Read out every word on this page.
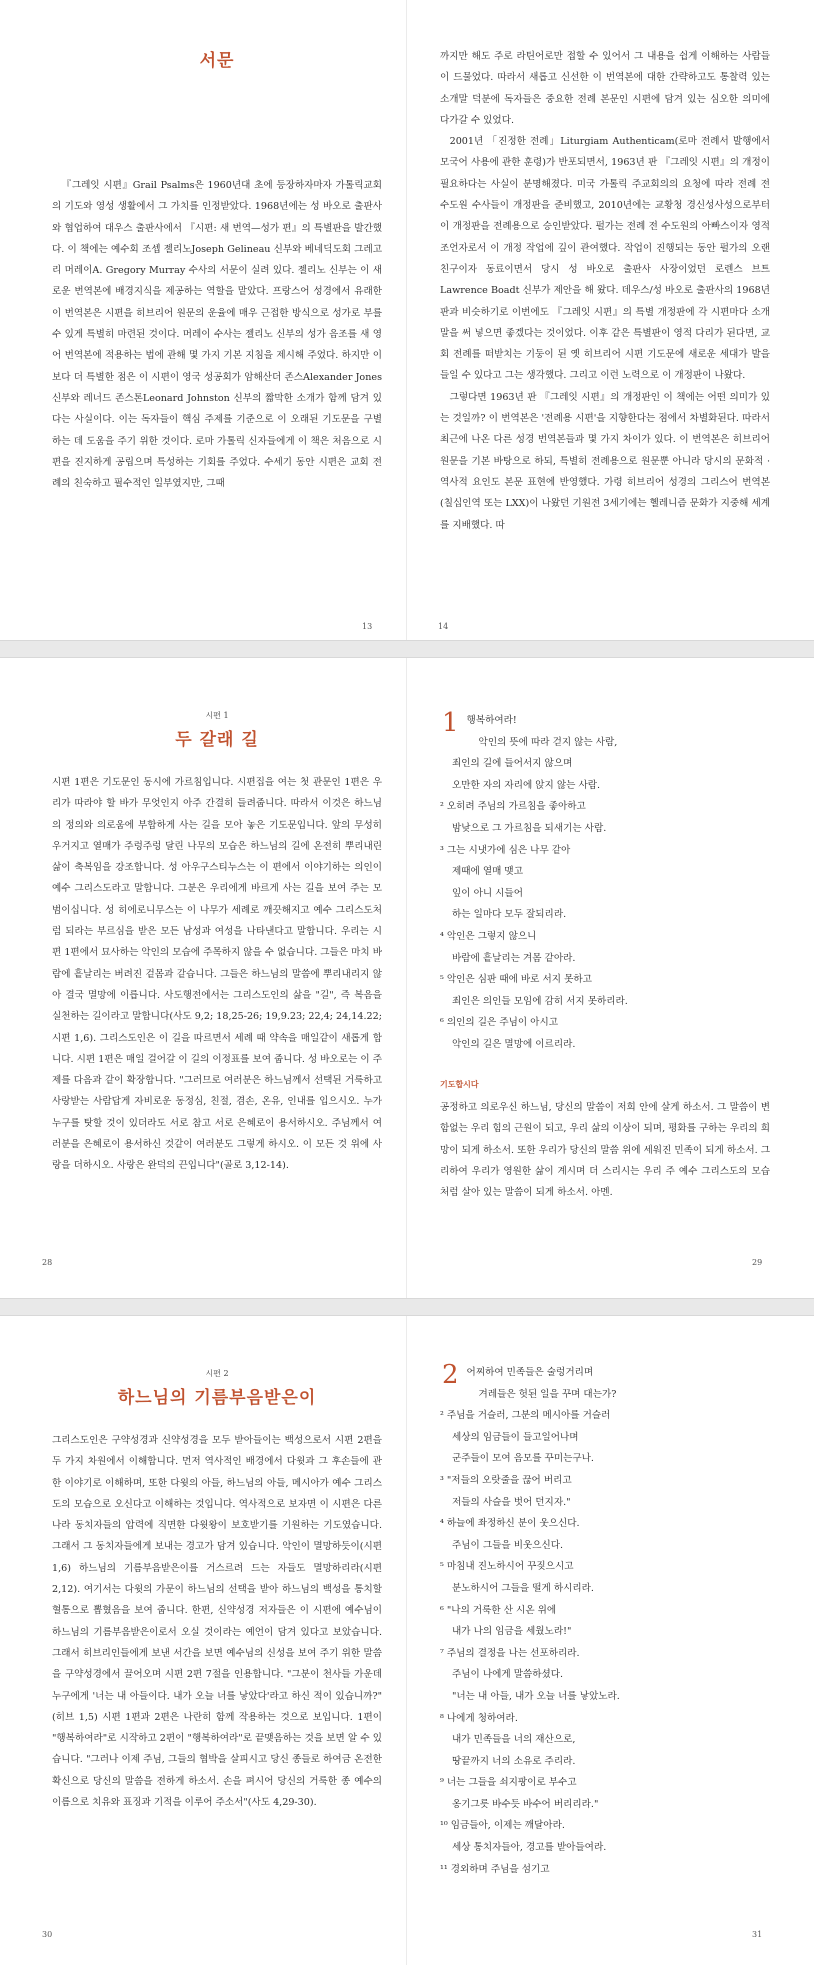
서문

『그레잇 시편』Grail Psalms은 1960년대 초에 등장하자마자 가톨릭교회의 기도와 영성 생활에서 그 가치를 인정받았다. 1968년에는 성 바오로 출판사와 협업하여 대우스 출판사에서 『시편: 새 번역—성가 편』의 특별판을 발간했다. 이 책에는 예수회 조셉 젤리노Joseph Gelineau 신부와 베네딕도회 그레고리 머레이A. Gregory Murray 수사의 서문이 실려 있다. 젤리노 신부는 이 새로운 번역본에 배경지식을 제공하는 역할을 맡았다. 프랑스어 성경에서 유래한 이 번역본은 시편을 히브리어 원문의 운율에 매우 근접한 방식으로 성가로 부를 수 있게 특별히 마련된 것이다. 머레이 수사는 젤리노 신부의 성가 음조를 새 영어 번역본에 적용하는 법에 관해 몇 가지 기본 지침을 제시해 주었다. 하지만 이보다 더 특별한 점은 이 시편이 영국 성공회가 암해산더 존스Alexander Jones 신부와 레너드 존스톤Leonard Johnston 신부의 짧막한 소개가 함께 담겨 있다는 사실이다. 이는 독자들이 핵심 주제를 기준으로 이 오래된 기도문을 구별하는 데 도움을 주기 위한 것이다. 로마 가톨릭 신자들에게 이 책은 처음으로 시편을 진지하게 공립으며 특성하는 기회를 주었다. 수세기 동안 시편은 교회 전례의 친숙하고 필수적인 일부였지만, 그때

13

까지만 해도 주로 라틴어로만 접할 수 있어서 그 내용을 쉽게 이해하는 사람들이 드물었다. 따라서 새롭고 신선한 이 번역본에 대한 간략하고도 통찰력 있는 소개말 덕분에 독자들은 중요한 전례 본문인 시편에 담겨 있는 심오한 의미에 다가갈 수 있었다.

2001년 「진정한 전례」Liturgiam Authenticam(로마 전례서 발행에서 모국어 사용에 관한 훈령)가 반포되면서, 1963년 판 『그레잇 시편』의 개정이 필요하다는 사실이 분명해졌다. 미국 가톨릭 주교회의의 요청에 따라 전례 전 수도원 수사들이 개정판을 준비했고, 2010년에는 교황청 경신성사성으로부터 이 개정판을 전례용으로 승인받았다. 펄가는 전례 전 수도원의 아빠스이자 영적 조언자로서 이 개정 작업에 깊이 관여했다. 작업이 진행되는 동안 펄가의 오랜 친구이자 동료이면서 당시 성 바오로 출판사 사장이었던 로렌스 브트Lawrence Boadt 신부가 제안을 해 왔다. 데우스/성 바오로 출판사의 1968년 판과 비슷하기로 이번에도 『그레잇 시편』의 특별 개정판에 각 시편마다 소개말을 써 넣으면 좋겠다는 것이었다. 이후 같은 특별판이 영적 다리가 된다면, 교회 전례를 떠받치는 기둥이 된 옛 히브리어 시편 기도문에 새로운 세대가 발을 들일 수 있다고 그는 생각했다. 그리고 이런 노력으로 이 개정판이 나왔다.

그렇다면 1963년 판 『그레잇 시편』의 개정판인 이 책에는 어떤 의미가 있는 것일까? 이 번역본은 '전례용 시편'을 지향한다는 점에서 차별화된다. 따라서 최근에 나온 다른 성경 번역본들과 몇 가지 차이가 있다. 이 번역본은 히브리어 원문을 기본 바탕으로 하되, 특별히 전례용으로 원문뿐 아니라 당시의 문화적 · 역사적 요인도 본문 표현에 반영했다. 가령 히브리어 성경의 그리스어 번역본(칠십인역 또는 LXX)이 나왔던 기원전 3세기에는 헬레니즘 문화가 지중해 세계를 지배했다. 따

14

시편 1

두 갈래 길

시편 1편은 기도문인 동시에 가르침입니다. 시편집을 여는 첫 관문인 1편은 우리가 따라야 할 바가 무엇인지 아주 간결히 들려줍니다. 따라서 이것은 하느님의 정의와 의로움에 부합하게 사는 길을 모아 놓은 기도문입니다. 앞의 무성히 우거지고 열매가 주렁주렁 달린 나무의 모습은 하느님의 길에 온전히 뿌리내린 삶이 축복임을 강조합니다. 성 아우구스티누스는 이 편에서 이야기하는 의인이 예수 그리스도라고 말합니다. 그분은 우리에게 바르게 사는 길을 보여 주는 모범이십니다. 성 히에로니무스는 이 나무가 세례로 깨끗해지고 예수 그리스도처럼 되라는 부르심을 받은 모든 남성과 여성을 나타낸다고 말합니다. 우리는 시편 1편에서 묘사하는 악인의 모습에 주목하지 않을 수 없습니다. 그들은 마치 바람에 흩날리는 버려진 겉몸과 같습니다. 그들은 하느님의 말씀에 뿌리내리지 않아 결국 멸망에 이릅니다. 사도행전에서는 그리스도인의 삶을 "길", 즉 복음을 실천하는 길이라고 말합니다(사도 9,2; 18,25-26; 19,9.23; 22,4; 24,14.22; 시편 1,6). 그리스도인은 이 길을 따르면서 세례 때 약속을 매일같이 새롭게 합니다. 시편 1편은 매일 걸어갈 이 길의 이정표를 보여 줍니다. 성 바오로는 이 주제를 다음과 같이 확장합니다. "그러므로 여러분은 하느님께서 선택된 거룩하고 사랑받는 사람답게 자비로운 동정심, 친절, 겸손, 온유, 인내를 입으시오. 누가 누구를 탓할 것이 있더라도 서로 참고 서로 은혜로이 용서하시오. 주님께서 여러분을 은혜로이 용서하신 것같이 여러분도 그렇게 하시오. 이 모든 것 위에 사랑을 더하시오. 사랑은 완덕의 끈입니다"(골로 3,12-14).

28
1 행복하여라!
악인의 뜻에 따라 걷지 않는 사람,
죄인의 길에 들어서지 않으며
오만한 자의 자리에 앉지 않는 사람.
² 오히려 주님의 가르침을 좋아하고
밤낮으로 그 가르침을 되새기는 사람.
³ 그는 시냇가에 심은 나무 같아
제때에 열매 맺고
잎이 아니 시들어
하는 일마다 모두 잘되리라.
⁴ 악인은 그렇지 않으니
바람에 흩날리는 겨몸 같아라.
⁵ 악인은 심판 때에 바로 서지 못하고
죄인은 의인들 모임에 감히 서지 못하리라.
⁶ 의인의 길은 주님이 아시고
악인의 길은 멸망에 이르리라.
기도합시다

공정하고 의로우신 하느님, 당신의 말씀이 저희 안에 살게 하소서. 그 말씀이 변함없는 우리 힘의 근원이 되고, 우리 삶의 이상이 되며, 평화를 구하는 우리의 희망이 되게 하소서. 또한 우리가 당신의 말씀 위에 세워진 민족이 되게 하소서. 그리하여 우리가 영원한 삶이 계시며 더 스리시는 우리 주 예수 그리스도의 모습처럼 살아 있는 말씀이 되게 하소서. 아멘.

29

시편 2

하느님의 기름부음받은이

그리스도인은 구약성경과 신약성경을 모두 받아들이는 백성으로서 시편 2편을 두 가지 차원에서 이해합니다. 먼저 역사적인 배경에서 다윗과 그 후손들에 관한 이야기로 이해하며, 또한 다윗의 아들, 하느님의 아들, 메시아가 예수 그리스도의 모습으로 오신다고 이해하는 것입니다. 역사적으로 보자면 이 시편은 다른 나라 동치자들의 압력에 직면한 다윗왕이 보호받기를 기원하는 기도였습니다. 그래서 그 동치자들에게 보내는 경고가 담겨 있습니다. 악인이 멸망하듯이(시편 1,6) 하느님의 기름부음받은이를 거스르려 드는 자들도 멸망하리라(시편 2,12). 여기서는 다윗의 가문이 하느님의 선택을 받아 하느님의 백성을 통치할 혈통으로 뽑혔음을 보여 줍니다. 한편, 신약성경 저자들은 이 시편에 예수님이 하느님의 기름부음받은이로서 오실 것이라는 예언이 담겨 있다고 보았습니다. 그래서 히브리인들에게 보낸 서간을 보면 예수님의 신성을 보여 주기 위한 말씀을 구약성경에서 끌어오며 시편 2편 7절을 인용합니다. "그분이 천사들 가운데 누구에게 '너는 내 아들이다. 내가 오늘 너를 낳았다'라고 하신 적이 있습니까?"(히브 1,5) 시편 1편과 2편은 나란히 함께 작용하는 것으로 보입니다. 1편이 "행복하여라"로 시작하고 2편이 "행복하여라"로 끝맺음하는 것을 보면 알 수 있습니다. "그러나 이제 주님, 그들의 협박을 살피시고 당신 종들로 하여금 온전한 확신으로 당신의 말씀을 전하게 하소서. 손을 펴시어 당신의 거룩한 종 예수의 이름으로 치유와 표징과 기적을 이루어 주소서"(사도 4,29-30).

30
2 어찌하여 민족들은 술렁거리며
겨레들은 헛된 일을 꾸며 대는가?
² 주님을 거슬러, 그분의 메시아를 거슬러
세상의 임금들이 들고일어나며
군주들이 모여 음모를 꾸미는구나.
³ "저들의 오랏줄을 끊어 버리고
저들의 사슬을 벗어 던지자."
⁴ 하늘에 좌정하신 분이 웃으신다.
주님이 그들을 비웃으신다.
⁵ 마침내 진노하시어 꾸짖으시고
분노하시어 그들을 떨게 하시리라.
⁶ "나의 거룩한 산 시온 위에
내가 나의 임금을 세웠노라!"
⁷ 주님의 결정을 나는 선포하리라.
주님이 나에게 말씀하셨다.
"너는 내 아들, 내가 오늘 너를 낳았노라.
⁸ 나에게 청하여라.
내가 민족들을 너의 재산으로,
땅끝까지 너의 소유로 주리라.
⁹ 너는 그들을 쇠지팡이로 부수고
옹기그릇 바수듯 바수어 버리리라."
¹⁰ 임금들아, 이제는 깨달아라.
세상 통치자들아, 경고를 받아들여라.
¹¹ 경외하며 주님을 섬기고
31
